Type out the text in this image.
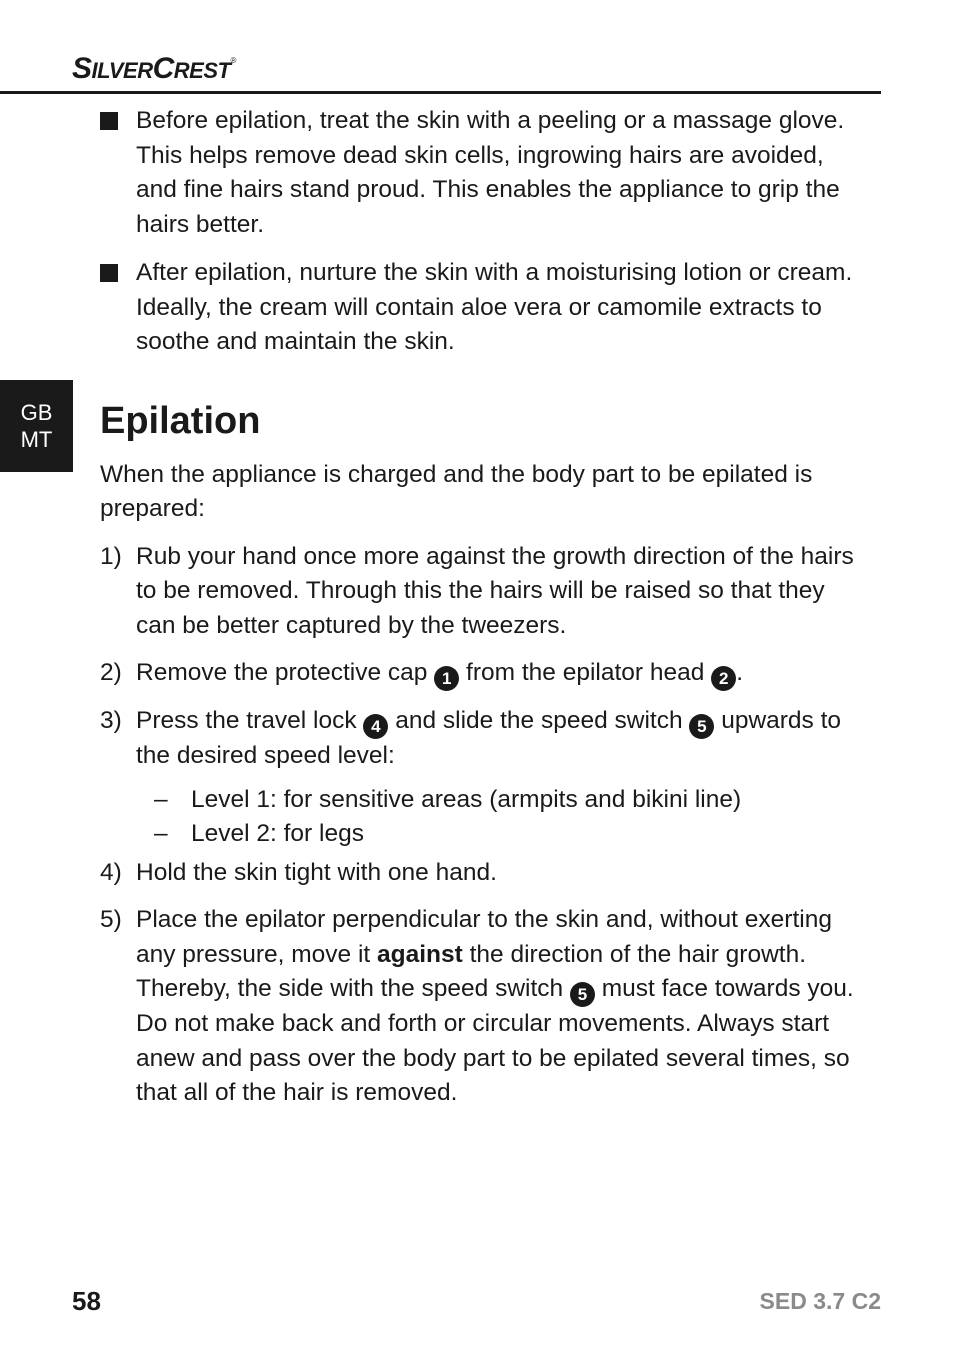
SILVERCREST®
GB
MT
Before epilation, treat the skin with a peeling or a massage glove. This helps remove dead skin cells, ingrowing hairs are avoided, and fine hairs stand proud. This enables the appliance to grip the hairs better.
After epilation, nurture the skin with a moisturising lotion or cream. Ideally, the cream will contain aloe vera or camomile extracts to soothe and maintain the skin.
Epilation
When the appliance is charged and the body part to be epilated is prepared:
1) Rub your hand once more against the growth direction of the hairs to be removed. Through this the hairs will be raised so that they can be better captured by the tweezers.
2) Remove the protective cap 1 from the epilator head 2 .
3) Press the travel lock 4 and slide the speed switch 5 upwards to the desired speed level:
– Level 1: for sensitive areas (armpits and bikini line)
– Level 2: for legs
4) Hold the skin tight with one hand.
5) Place the epilator perpendicular to the skin and, without exerting any pressure, move it against the direction of the hair growth. Thereby, the side with the speed switch 5 must face towards you. Do not make back and forth or circular movements. Always start anew and pass over the body part to be epilated several times, so that all of the hair is removed.
58	SED 3.7 C2
